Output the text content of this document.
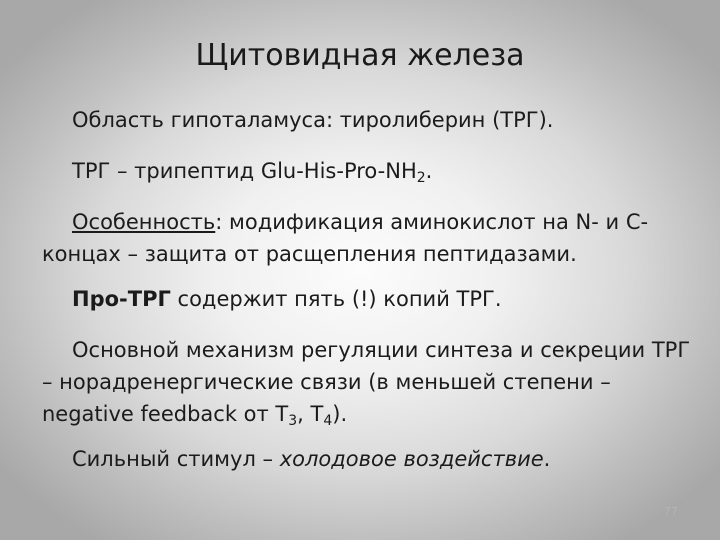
Щитовидная железа

Область гипоталамуса: тиролиберин (ТРГ).

ТРГ – трипептид Glu-$His-Pro-NH_2$.

Особенность: модификация аминокислот на N- и С-концах – защита от расщепления пептидазами.

Про-ТРГ содержит пять (!) копий ТРГ.

Основной механизм регуляции синтеза и секреции ТРГ – норадренергические связи (в меньшей степени – negative feedback от $Т_3$, $Т_4$).

Сильный стимул – холодовое воздействие.

77
